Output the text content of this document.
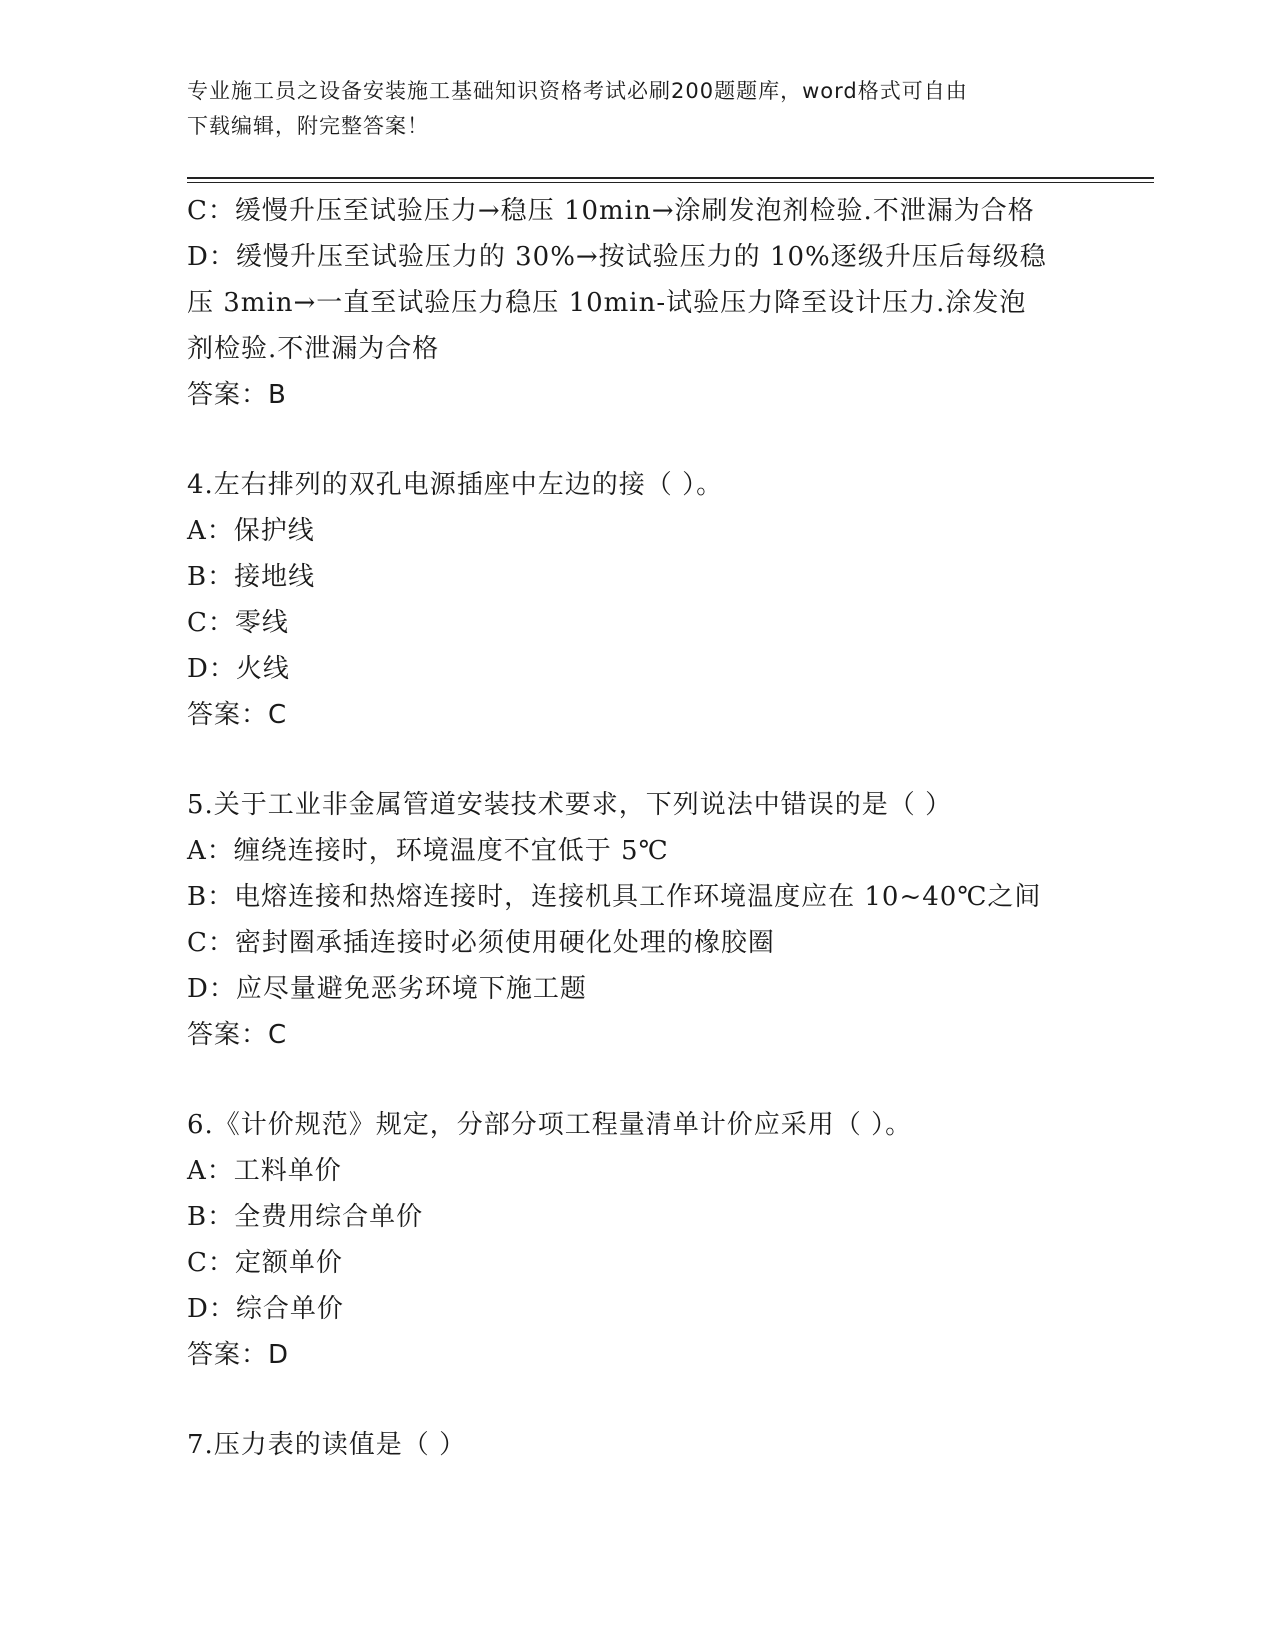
专业施工员之设备安装施工基础知识资格考试必刷200题题库，word格式可自由
下载编辑，附完整答案！
C：缓慢升压至试验压力→稳压 10min→涂刷发泡剂检验.不泄漏为合格
D：缓慢升压至试验压力的 30%→按试验压力的 10%逐级升压后每级稳
压 3min→一直至试验压力稳压 10min-试验压力降至设计压力.涂发泡
剂检验.不泄漏为合格
答案：B
4.左右排列的双孔电源插座中左边的接（ ）。
A：保护线
B：接地线
C：零线
D：火线
答案：C
5.关于工业非金属管道安装技术要求，下列说法中错误的是（ ）
A：缠绕连接时，环境温度不宜低于 5℃
B：电熔连接和热熔连接时，连接机具工作环境温度应在 10~40℃之间
C：密封圈承插连接时必须使用硬化处理的橡胶圈
D：应尽量避免恶劣环境下施工题
答案：C
6.《计价规范》规定，分部分项工程量清单计价应采用（ ）。
A：工料单价
B：全费用综合单价
C：定额单价
D：综合单价
答案：D
7.压力表的读值是（ ）
